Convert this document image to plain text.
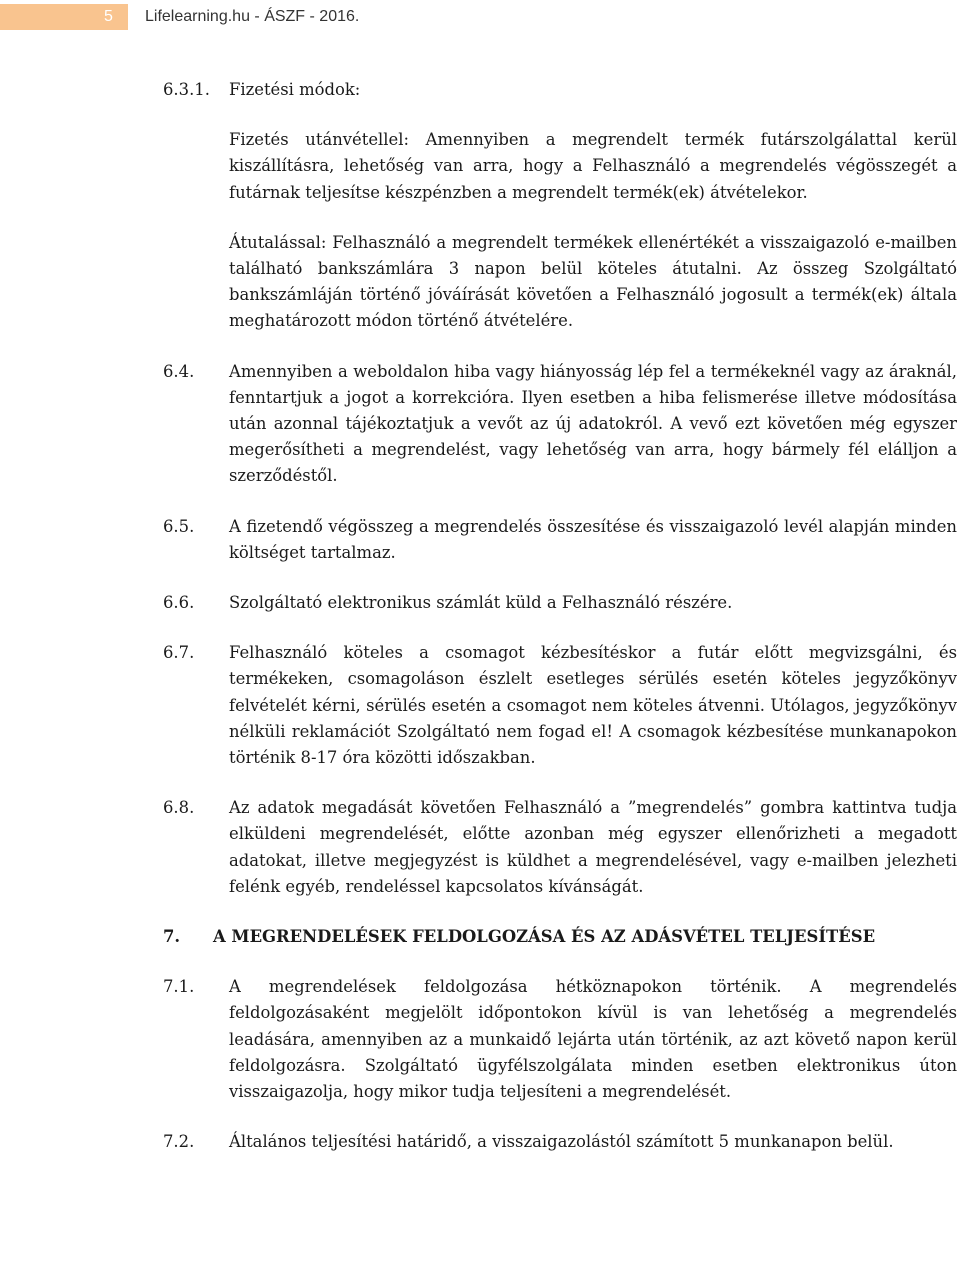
5	Lifelearning.hu - ÁSZF - 2016.
6.3.1.	Fizetési módok:

Fizetés utánvétellel: Amennyiben a megrendelt termék futárszolgálattal kerül kiszállításra, lehetőség van arra, hogy a Felhasználó a megrendelés végösszegét a futárnak teljesítse készpénzben a megrendelt termék(ek) átvételekor.

Átutalással: Felhasználó a megrendelt termékek ellenértékét a visszaigazoló e-mailben található bankszámlára 3 napon belül köteles átutalni. Az összeg Szolgáltató bankszámláján történő jóváírását követően a Felhasználó jogosult a termék(ek) általa meghatározott módon történő átvételére.

6.4.	Amennyiben a weboldalon hiba vagy hiányosság lép fel a termékeknél vagy az áraknál, fenntartjuk a jogot a korrekcióra. Ilyen esetben a hiba felismerése illetve módosítása után azonnal tájékoztatjuk a vevőt az új adatokról. A vevő ezt követően még egyszer megerősítheti a megrendelést, vagy lehetőség van arra, hogy bármely fél elálljon a szerződéstől.
6.5.	A fizetendő végösszeg a megrendelés összesítése és visszaigazoló levél alapján minden költséget tartalmaz.
6.6.	Szolgáltató elektronikus számlát küld a Felhasználó részére.
6.7.	Felhasználó köteles a csomagot kézbesítéskor a futár előtt megvizsgálni, és termékeken, csomagoláson észlelt esetleges sérülés esetén köteles jegyzőkönyv felvételét kérni, sérülés esetén a csomagot nem köteles átvenni. Utólagos, jegyzőkönyv nélküli reklamációt Szolgáltató nem fogad el! A csomagok kézbesítése munkanapokon történik 8-17 óra közötti időszakban.
6.8.	Az adatok megadását követően Felhasználó a ”megrendelés” gombra kattintva tudja elküldeni megrendelését, előtte azonban még egyszer ellenőrizheti a megadott adatokat, illetve megjegyzést is küldhet a megrendelésével, vagy e-mailben jelezheti felénk egyéb, rendeléssel kapcsolatos kívánságát.
7.	A MEGRENDELÉSEK FELDOLGOZÁSA ÉS AZ ADÁSVÉTEL TELJESÍTÉSE
7.1.	A megrendelések feldolgozása hétköznapokon történik. A megrendelés feldolgozásaként megjelölt időpontokon kívül is van lehetőség a megrendelés leadására, amennyiben az a munkaidő lejárta után történik, az azt követő napon kerül feldolgozásra. Szolgáltató ügyfélszolgálata minden esetben elektronikus úton visszaigazolja, hogy mikor tudja teljesíteni a megrendelését.
7.2.	Általános teljesítési határidő, a visszaigazolástól számított 5 munkanapon belül.
